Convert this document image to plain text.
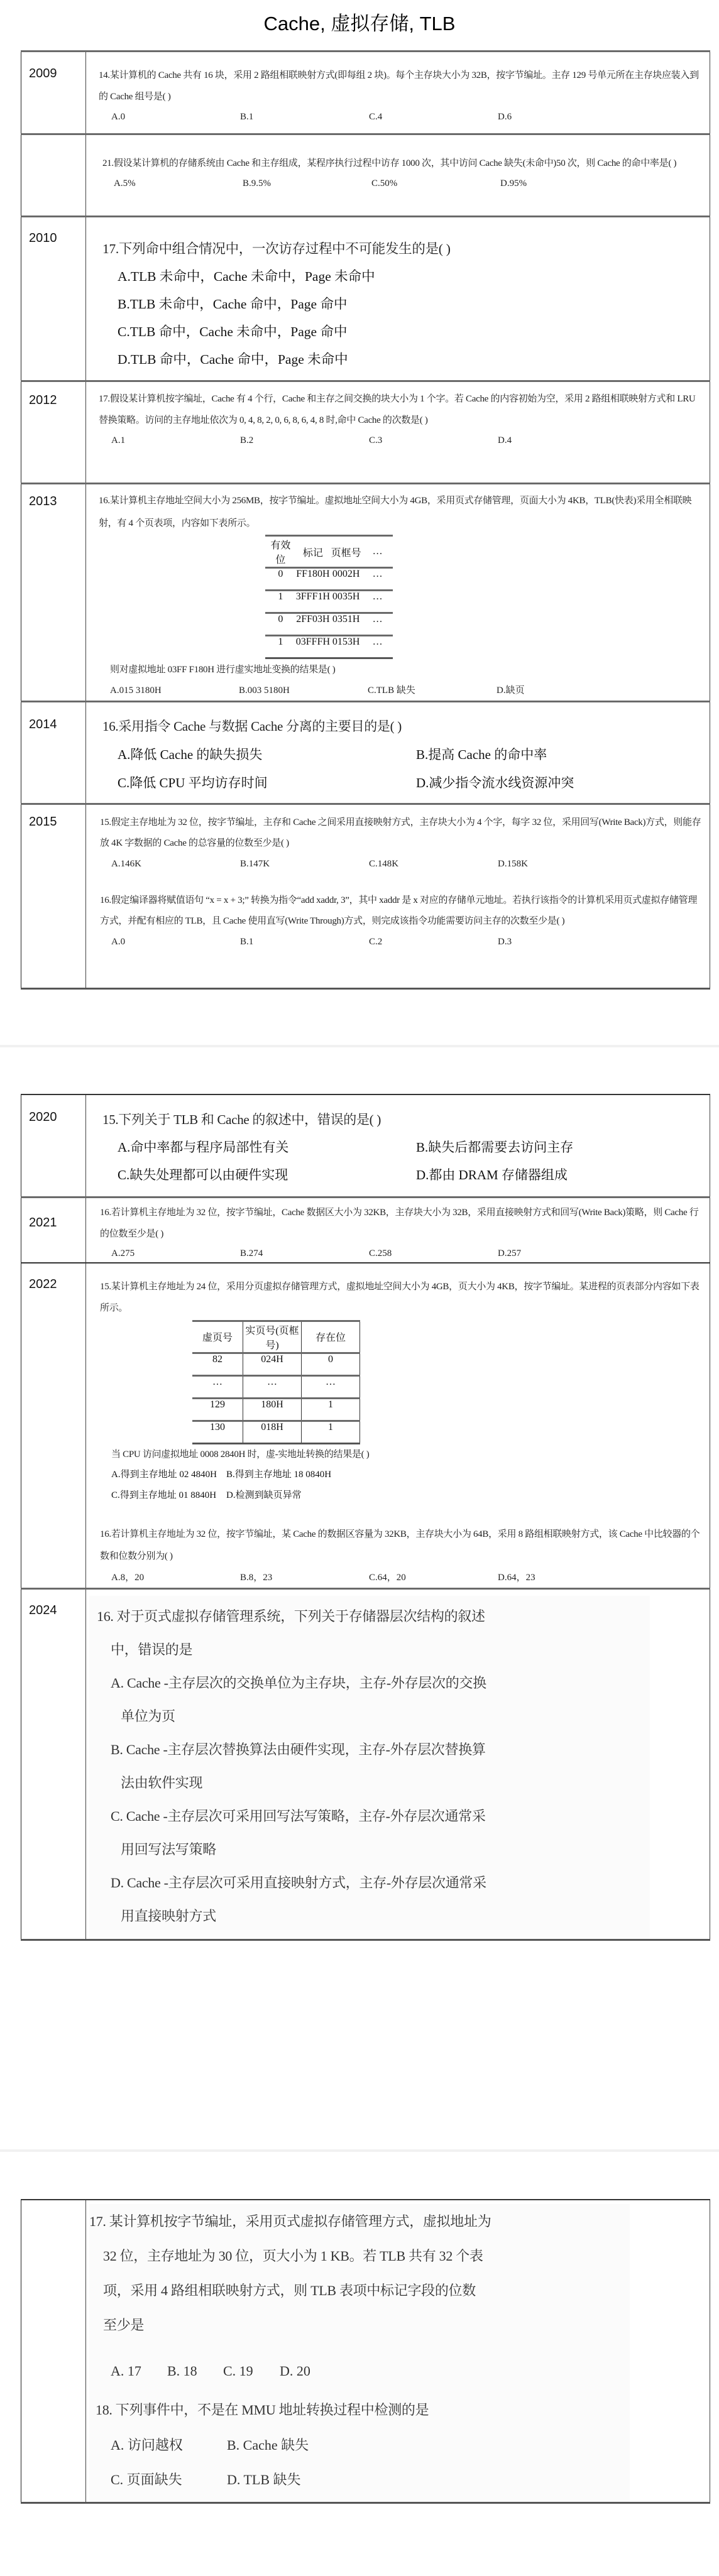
Cache, 虚拟存储, TLB
2009	14.某计算机的 Cache 共有 16 块，采用 2 路组相联映射方式(即每组 2 块)。每个主存块大小为 32B，按字节编址。主存 129 号单元所在主存块应装入到的 Cache 组号是( )
A.0	B.1	C.4	D.6

21.假设某计算机的存储系统由 Cache 和主存组成，某程序执行过程中访存 1000 次，其中访问 Cache 缺失(未命中)50 次，则 Cache 的命中率是( )
A.5%	B.9.5%	C.50%	D.95%

2010

17.下列命中组合情况中，一次访存过程中不可能发生的是( )
A.TLB 未命中，Cache 未命中，Page 未命中
B.TLB 未命中，Cache 命中，Page 命中
C.TLB 命中，Cache 未命中，Page 命中
D.TLB 命中，Cache 命中，Page 未命中

2012	17.假设某计算机按字编址，Cache 有 4 个行，Cache 和主存之间交换的块大小为 1 个字。若 Cache 的内容初始为空，采用 2 路组相联映射方式和 LRU 替换策略。访问的主存地址依次为 0, 4, 8, 2, 0, 6, 8, 6, 4, 8 时,命中 Cache 的次数是( )
A.1	B.2	C.3	D.4

2013	16.某计算机主存地址空间大小为 256MB，按字节编址。虚拟地址空间大小为 4GB，采用页式存储管理，页面大小为 4KB，TLB(快表)采用全相联映射，有 4 个页表项，内容如下表所示。
有效位	标记	页框号	…
0	FF180H	0002H	…
1	3FFF1H	0035H	…
0	2FF03H	0351H	…
1	03FFFH	0153H	…
则对虚拟地址 03FF F180H 进行虚实地址变换的结果是( )
A.015 3180H	B.003 5180H	C.TLB 缺失	D.缺页

2014	16.采用指令 Cache 与数据 Cache 分离的主要目的是( )
A.降低 Cache 的缺失损失	B.提高 Cache 的命中率
C.降低 CPU 平均访存时间	D.减少指令流水线资源冲突

2015	15.假定主存地址为 32 位，按字节编址，主存和 Cache 之间采用直接映射方式，主存块大小为 4 个字，每字 32 位，采用回写(Write Back)方式，则能存放 4K 字数据的 Cache 的总容量的位数至少是( )
A.146K	B.147K	C.148K	D.158K
16.假定编译器将赋值语句 “x = x + 3;” 转换为指令“add xaddr, 3”，其中 xaddr 是 x 对应的存储单元地址。若执行该指令的计算机采用页式虚拟存储管理方式，并配有相应的 TLB，且 Cache 使用直写(Write Through)方式，则完成该指令功能需要访问主存的次数至少是( )
A.0	B.1	C.2	D.3
2020	15.下列关于 TLB 和 Cache 的叙述中，错误的是( )
A.命中率都与程序局部性有关	B.缺失后都需要去访问主存
C.缺失处理都可以由硬件实现	D.都由 DRAM 存储器组成

2021

16.若计算机主存地址为 32 位，按字节编址，Cache 数据区大小为 32KB，主存块大小为 32B，采用直接映射方式和回写(Write Back)策略，则 Cache 行的位数至少是( )
A.275	B.274	C.258	D.257

2022	15.某计算机主存地址为 24 位，采用分页虚拟存储管理方式，虚拟地址空间大小为 4GB，页大小为 4KB，按字节编址。某进程的页表部分内容如下表所示。
虚页号	实页号(页框号)	存在位
82	024H	0
…	…	…
129	180H	1
130	018H	1
当 CPU 访问虚拟地址 0008 2840H 时，虚-实地址转换的结果是( )
A.得到主存地址 02 4840H	B.得到主存地址 18 0840H
C.得到主存地址 01 8840H	D.检测到缺页异常
16.若计算机主存地址为 32 位，按字节编址，某 Cache 的数据区容量为 32KB，主存块大小为 64B，采用 8 路组相联映射方式，该 Cache 中比较器的个数和位数分别为( )
A.8，20	B.8，23	C.64，20	D.64，23

2024	16. 对于页式虚拟存储管理系统，下列关于存储器层次结构的叙述
中，错误的是
A. Cache -主存层次的交换单位为主存块，主存-外存层次的交换
单位为页
B. Cache -主存层次替换算法由硬件实现，主存-外存层次替换算
法由软件实现
C. Cache -主存层次可采用回写法写策略，主存-外存层次通常采
用回写法写策略
D. Cache -主存层次可采用直接映射方式，主存-外存层次通常采
用直接映射方式

17. 某计算机按字节编址，采用页式虚拟存储管理方式，虚拟地址为
32 位，主存地址为 30 位，页大小为 1 KB。若 TLB 共有 32 个表
项，采用 4 路组相联映射方式，则 TLB 表项中标记字段的位数
至少是
A. 17	B. 18	C. 19	D. 20
18. 下列事件中，不是在 MMU 地址转换过程中检测的是
A. 访问越权	B. Cache 缺失
C. 页面缺失	D. TLB 缺失
